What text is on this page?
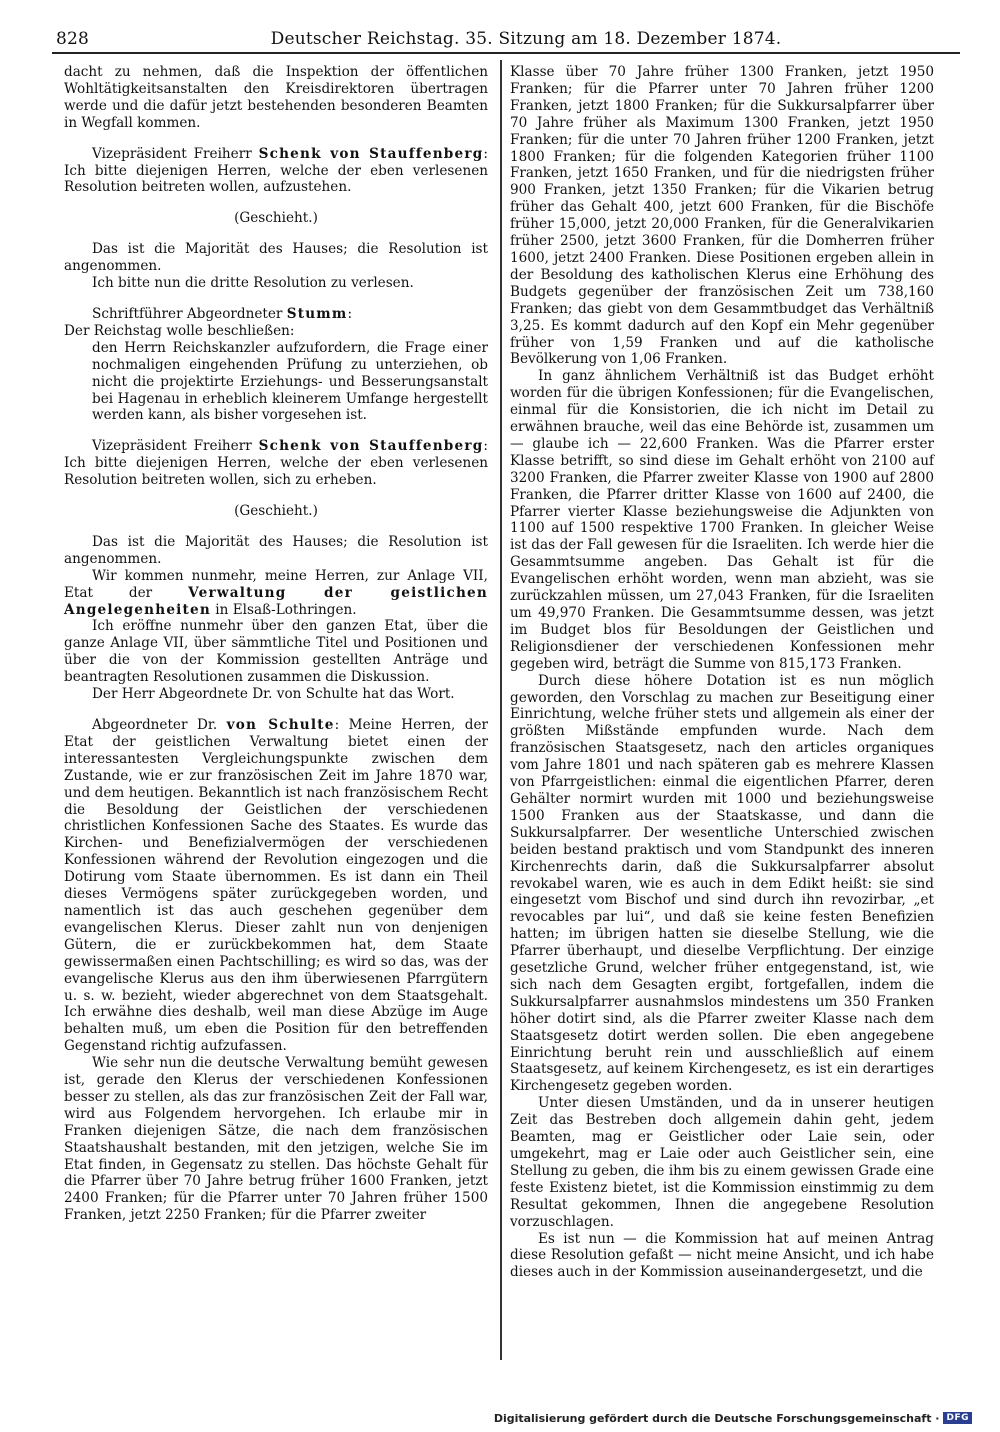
828	Deutscher Reichstag. 35. Sitzung am 18. Dezember 1874.

dacht zu nehmen, daß die Inspektion der öffentlichen Wohltätigkeitsanstalten den Kreisdirektoren übertragen werde und die dafür jetzt bestehenden besonderen Beamten in Wegfall kommen.

Vizepräsident Freiherr Schenk von Stauffenberg: Ich bitte diejenigen Herren, welche der eben verlesenen Resolution beitreten wollen, aufzustehen.

(Geschieht.)

Das ist die Majorität des Hauses; die Resolution ist angenommen.

Ich bitte nun die dritte Resolution zu verlesen.

Schriftführer Abgeordneter Stumm:

Der Reichstag wolle beschließen:

den Herrn Reichskanzler aufzufordern, die Frage einer nochmaligen eingehenden Prüfung zu unterziehen, ob nicht die projektirte Erziehungs- und Besserungsanstalt bei Hagenau in erheblich kleinerem Umfange hergestellt werden kann, als bisher vorgesehen ist.

Vizepräsident Freiherr Schenk von Stauffenberg: Ich bitte diejenigen Herren, welche der eben verlesenen Resolution beitreten wollen, sich zu erheben.

(Geschieht.)

Das ist die Majorität des Hauses; die Resolution ist angenommen.

Wir kommen nunmehr, meine Herren, zur Anlage VII, Etat der Verwaltung der geistlichen Angelegenheiten in Elsaß-Lothringen.

Ich eröffne nunmehr über den ganzen Etat, über die ganze Anlage VII, über sämmtliche Titel und Positionen und über die von der Kommission gestellten Anträge und beantragten Resolutionen zusammen die Diskussion.

Der Herr Abgeordnete Dr. von Schulte hat das Wort.

Abgeordneter Dr. von Schulte: Meine Herren, der Etat der geistlichen Verwaltung bietet einen der interessantesten Vergleichungspunkte zwischen dem Zustande, wie er zur französischen Zeit im Jahre 1870 war, und dem heutigen. Bekanntlich ist nach französischem Recht die Besoldung der Geistlichen der verschiedenen christlichen Konfessionen Sache des Staates. Es wurde das Kirchen- und Benefizialvermögen der verschiedenen Konfessionen während der Revolution eingezogen und die Dotirung vom Staate übernommen. Es ist dann ein Theil dieses Vermögens später zurückgegeben worden, und namentlich ist das auch geschehen gegenüber dem evangelischen Klerus. Dieser zahlt nun von denjenigen Gütern, die er zurückbekommen hat, dem Staate gewissermaßen einen Pachtschilling; es wird so das, was der evangelische Klerus aus den ihm überwiesenen Pfarrgütern u. s. w. bezieht, wieder abgerechnet von dem Staatsgehalt. Ich erwähne dies deshalb, weil man diese Abzüge im Auge behalten muß, um eben die Position für den betreffenden Gegenstand richtig aufzufassen.

Wie sehr nun die deutsche Verwaltung bemüht gewesen ist, gerade den Klerus der verschiedenen Konfessionen besser zu stellen, als das zur französischen Zeit der Fall war, wird aus Folgendem hervorgehen. Ich erlaube mir in Franken diejenigen Sätze, die nach dem französischen Staatshaushalt bestanden, mit den jetzigen, welche Sie im Etat finden, in Gegensatz zu stellen. Das höchste Gehalt für die Pfarrer über 70 Jahre betrug früher 1600 Franken, jetzt 2400 Franken; für die Pfarrer unter 70 Jahren früher 1500 Franken, jetzt 2250 Franken; für die Pfarrer zweiter

Klasse über 70 Jahre früher 1300 Franken, jetzt 1950 Franken; für die Pfarrer unter 70 Jahren früher 1200 Franken, jetzt 1800 Franken; für die Sukkursalpfarrer über 70 Jahre früher als Maximum 1300 Franken, jetzt 1950 Franken; für die unter 70 Jahren früher 1200 Franken, jetzt 1800 Franken; für die folgenden Kategorien früher 1100 Franken, jetzt 1650 Franken, und für die niedrigsten früher 900 Franken, jetzt 1350 Franken; für die Vikarien betrug früher das Gehalt 400, jetzt 600 Franken, für die Bischöfe früher 15,000, jetzt 20,000 Franken, für die Generalvikarien früher 2500, jetzt 3600 Franken, für die Domherren früher 1600, jetzt 2400 Franken. Diese Positionen ergeben allein in der Besoldung des katholischen Klerus eine Erhöhung des Budgets gegenüber der französischen Zeit um 738,160 Franken; das giebt von dem Gesammtbudget das Verhältniß 3,25. Es kommt dadurch auf den Kopf ein Mehr gegenüber früher von 1,59 Franken und auf die katholische Bevölkerung von 1,06 Franken.

In ganz ähnlichem Verhältniß ist das Budget erhöht worden für die übrigen Konfessionen; für die Evangelischen, einmal für die Konsistorien, die ich nicht im Detail zu erwähnen brauche, weil das eine Behörde ist, zusammen um — glaube ich — 22,600 Franken. Was die Pfarrer erster Klasse betrifft, so sind diese im Gehalt erhöht von 2100 auf 3200 Franken, die Pfarrer zweiter Klasse von 1900 auf 2800 Franken, die Pfarrer dritter Klasse von 1600 auf 2400, die Pfarrer vierter Klasse beziehungsweise die Adjunkten von 1100 auf 1500 respektive 1700 Franken. In gleicher Weise ist das der Fall gewesen für die Israeliten. Ich werde hier die Gesammtsumme angeben. Das Gehalt ist für die Evangelischen erhöht worden, wenn man abzieht, was sie zurückzahlen müssen, um 27,043 Franken, für die Israeliten um 49,970 Franken. Die Gesammtsumme dessen, was jetzt im Budget blos für Besoldungen der Geistlichen und Religionsdiener der verschiedenen Konfessionen mehr gegeben wird, beträgt die Summe von 815,173 Franken.

Durch diese höhere Dotation ist es nun möglich geworden, den Vorschlag zu machen zur Beseitigung einer Einrichtung, welche früher stets und allgemein als einer der größten Mißstände empfunden wurde. Nach dem französischen Staatsgesetz, nach den articles organiques vom Jahre 1801 und nach späteren gab es mehrere Klassen von Pfarrgeistlichen: einmal die eigentlichen Pfarrer, deren Gehälter normirt wurden mit 1000 und beziehungsweise 1500 Franken aus der Staatskasse, und dann die Sukkursalpfarrer. Der wesentliche Unterschied zwischen beiden bestand praktisch und vom Standpunkt des inneren Kirchenrechts darin, daß die Sukkursalpfarrer absolut revokabel waren, wie es auch in dem Edikt heißt: sie sind eingesetzt vom Bischof und sind durch ihn revozirbar, „et revocables par lui“, und daß sie keine festen Benefizien hatten; im übrigen hatten sie dieselbe Stellung, wie die Pfarrer überhaupt, und dieselbe Verpflichtung. Der einzige gesetzliche Grund, welcher früher entgegenstand, ist, wie sich nach dem Gesagten ergibt, fortgefallen, indem die Sukkursalpfarrer ausnahmslos mindestens um 350 Franken höher dotirt sind, als die Pfarrer zweiter Klasse nach dem Staatsgesetz dotirt werden sollen. Die eben angegebene Einrichtung beruht rein und ausschließlich auf einem Staatsgesetz, auf keinem Kirchengesetz, es ist ein derartiges Kirchengesetz gegeben worden.

Unter diesen Umständen, und da in unserer heutigen Zeit das Bestreben doch allgemein dahin geht, jedem Beamten, mag er Geistlicher oder Laie sein, oder umgekehrt, mag er Laie oder auch Geistlicher sein, eine Stellung zu geben, die ihm bis zu einem gewissen Grade eine feste Existenz bietet, ist die Kommission einstimmig zu dem Resultat gekommen, Ihnen die angegebene Resolution vorzuschlagen.

Es ist nun — die Kommission hat auf meinen Antrag diese Resolution gefaßt — nicht meine Ansicht, und ich habe dieses auch in der Kommission auseinandergesetzt, und die

Digitalisierung gefördert durch die Deutsche Forschungsgemeinschaft · DFG
